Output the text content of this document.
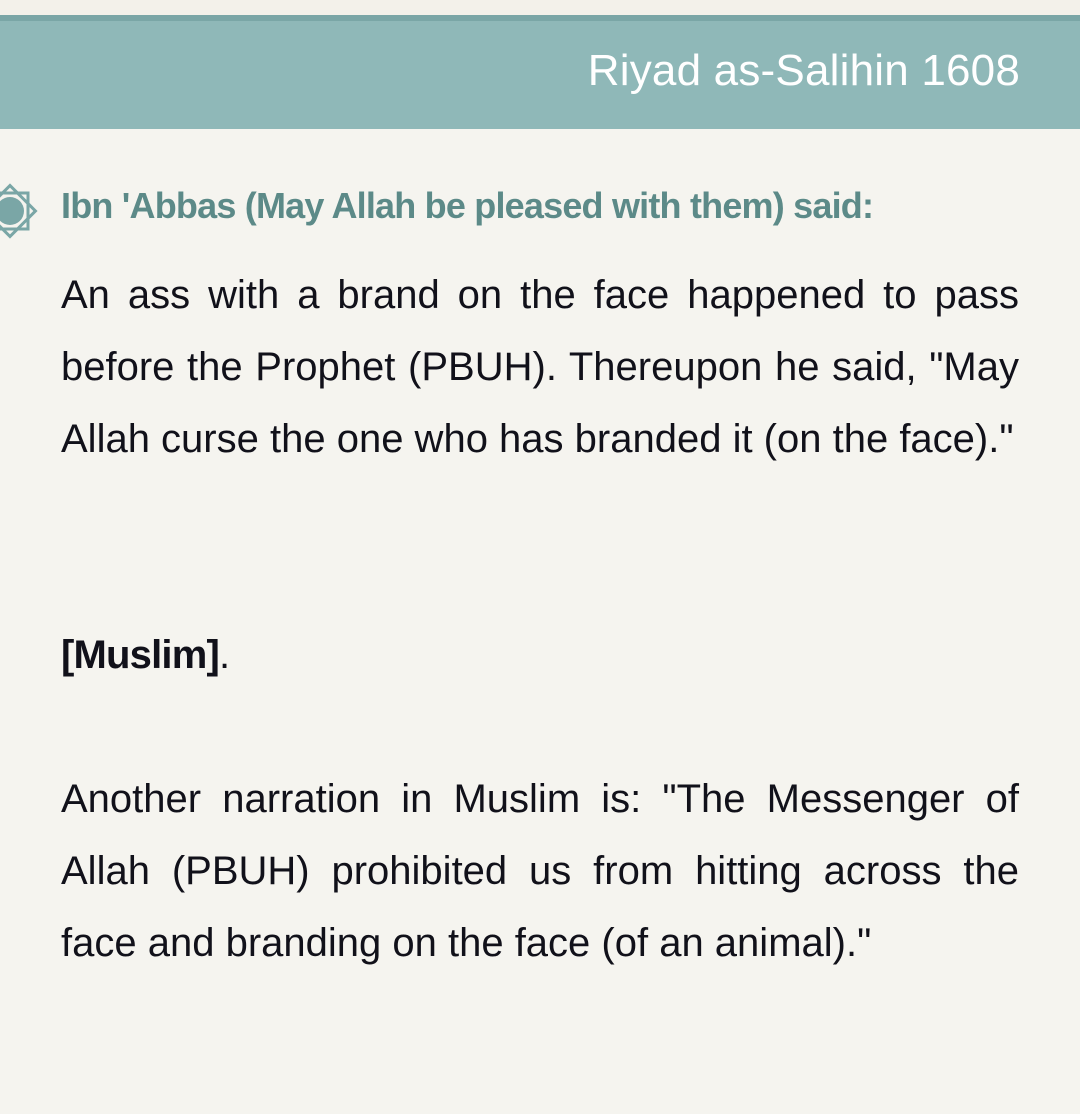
Riyad as-Salihin 1608
Ibn 'Abbas (May Allah be pleased with them) said:

An ass with a brand on the face happened to pass before the Prophet (PBUH). Thereupon he said, "May Allah curse the one who has branded it (on the face)."

[Muslim].

Another narration in Muslim is: "The Messenger of Allah (PBUH) prohibited us from hitting across the face and branding on the face (of an animal)."
